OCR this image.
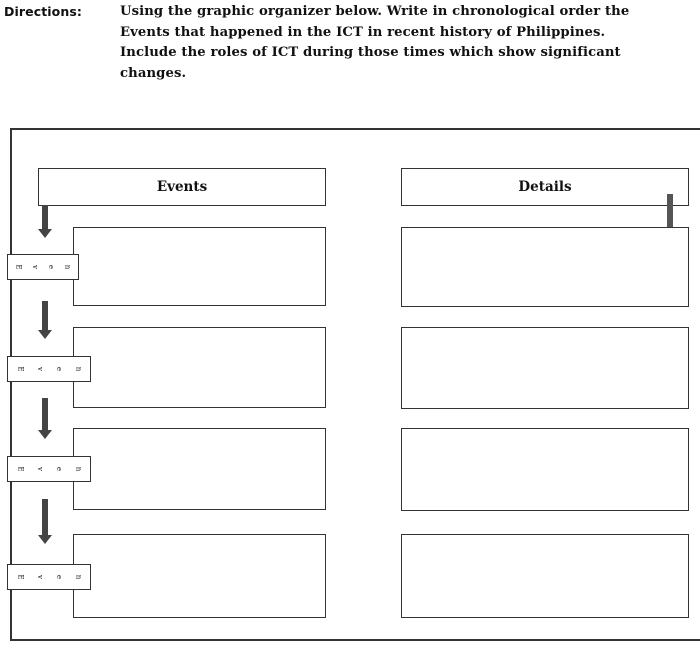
Directions:	Using the graphic organizer below. Write in chronological order the
Events that happened in the ICT in recent history of Philippines.
Include the roles of ICT during those times which show significant
changes.
Events	Details
E v e n
E v e n
E v e n
E v e n
